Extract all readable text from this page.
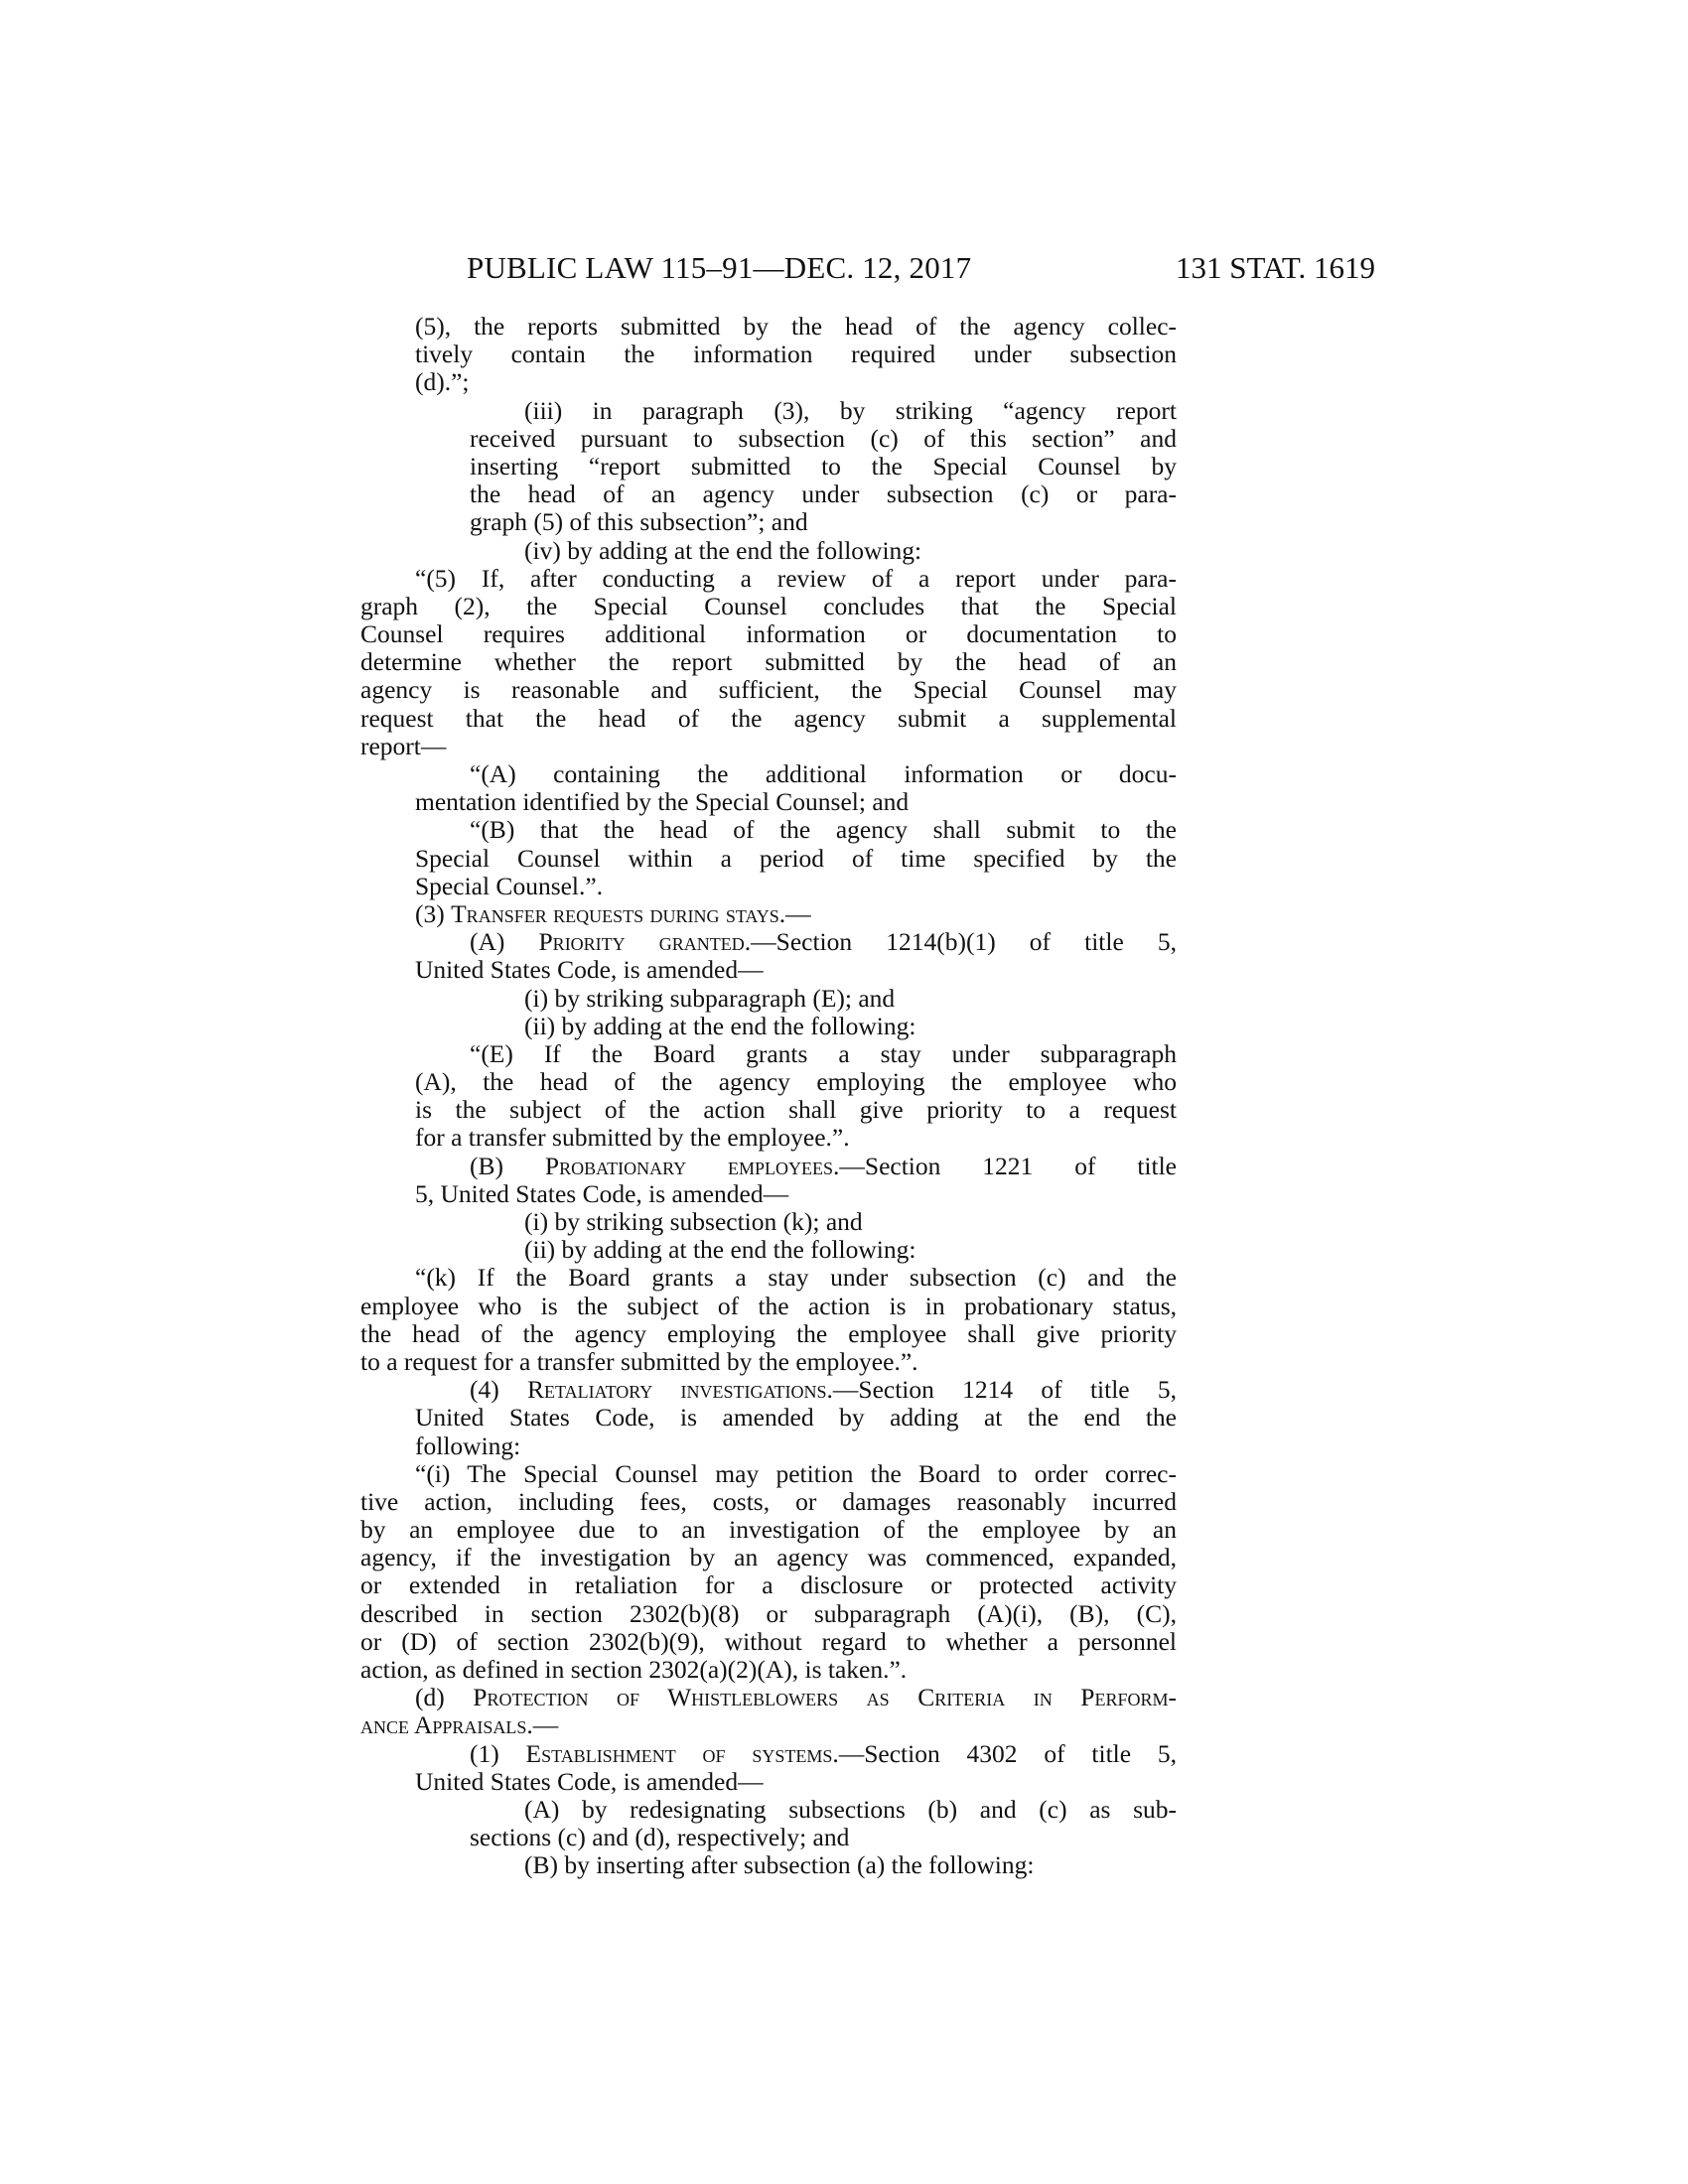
PUBLIC LAW 115–91—DEC. 12, 2017	131 STAT. 1619
(5), the reports submitted by the head of the agency collec-
tively contain the information required under subsection
(d).”;
(iii) in paragraph (3), by striking “agency report
received pursuant to subsection (c) of this section” and
inserting “report submitted to the Special Counsel by
the head of an agency under subsection (c) or para-
graph (5) of this subsection”; and
(iv) by adding at the end the following:
“(5) If, after conducting a review of a report under para-
graph (2), the Special Counsel concludes that the Special
Counsel requires additional information or documentation to
determine whether the report submitted by the head of an
agency is reasonable and sufficient, the Special Counsel may
request that the head of the agency submit a supplemental
report—
“(A) containing the additional information or docu-
mentation identified by the Special Counsel; and
“(B) that the head of the agency shall submit to the
Special Counsel within a period of time specified by the
Special Counsel.”.
(3) Transfer requests during stays.—
(A) Priority granted.—Section 1214(b)(1) of title 5,
United States Code, is amended—
(i) by striking subparagraph (E); and
(ii) by adding at the end the following:
“(E) If the Board grants a stay under subparagraph
(A), the head of the agency employing the employee who
is the subject of the action shall give priority to a request
for a transfer submitted by the employee.”.
(B) Probationary employees.—Section 1221 of title
5, United States Code, is amended—
(i) by striking subsection (k); and
(ii) by adding at the end the following:
“(k) If the Board grants a stay under subsection (c) and the
employee who is the subject of the action is in probationary status,
the head of the agency employing the employee shall give priority
to a request for a transfer submitted by the employee.”.
(4) Retaliatory investigations.—Section 1214 of title 5,
United States Code, is amended by adding at the end the
following:
“(i) The Special Counsel may petition the Board to order correc-
tive action, including fees, costs, or damages reasonably incurred
by an employee due to an investigation of the employee by an
agency, if the investigation by an agency was commenced, expanded,
or extended in retaliation for a disclosure or protected activity
described in section 2302(b)(8) or subparagraph (A)(i), (B), (C),
or (D) of section 2302(b)(9), without regard to whether a personnel
action, as defined in section 2302(a)(2)(A), is taken.”.
(d) Protection of Whistleblowers as Criteria in Perform-
ance Appraisals.—
(1) Establishment of systems.—Section 4302 of title 5,
United States Code, is amended—
(A) by redesignating subsections (b) and (c) as sub-
sections (c) and (d), respectively; and
(B) by inserting after subsection (a) the following:
